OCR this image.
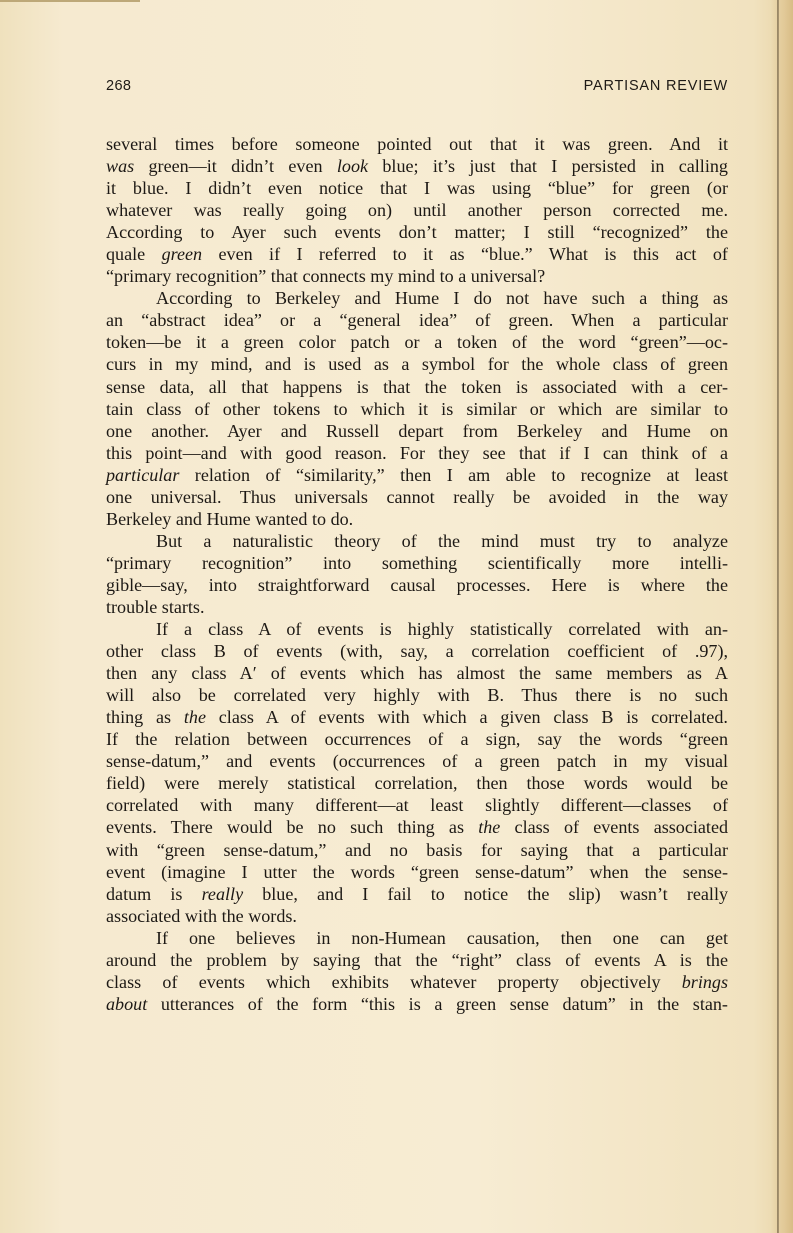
268	PARTISAN REVIEW
several times before someone pointed out that it was green. And it
was green—it didn’t even look blue; it’s just that I persisted in calling
it blue. I didn’t even notice that I was using “blue” for green (or
whatever was really going on) until another person corrected me.
According to Ayer such events don’t matter; I still “recognized” the
quale green even if I referred to it as “blue.” What is this act of
“primary recognition” that connects my mind to a universal?
According to Berkeley and Hume I do not have such a thing as
an “abstract idea” or a “general idea” of green. When a particular
token—be it a green color patch or a token of the word “green”—oc-
curs in my mind, and is used as a symbol for the whole class of green
sense data, all that happens is that the token is associated with a cer-
tain class of other tokens to which it is similar or which are similar to
one another. Ayer and Russell depart from Berkeley and Hume on
this point—and with good reason. For they see that if I can think of a
particular relation of “similarity,” then I am able to recognize at least
one universal. Thus universals cannot really be avoided in the way
Berkeley and Hume wanted to do.
But a naturalistic theory of the mind must try to analyze
“primary recognition” into something scientifically more intelli-
gible—say, into straightforward causal processes. Here is where the
trouble starts.
If a class A of events is highly statistically correlated with an-
other class B of events (with, say, a correlation coefficient of .97),
then any class A′ of events which has almost the same members as A
will also be correlated very highly with B. Thus there is no such
thing as the class A of events with which a given class B is correlated.
If the relation between occurrences of a sign, say the words “green
sense-datum,” and events (occurrences of a green patch in my visual
field) were merely statistical correlation, then those words would be
correlated with many different—at least slightly different—classes of
events. There would be no such thing as the class of events associated
with “green sense-datum,” and no basis for saying that a particular
event (imagine I utter the words “green sense-datum” when the sense-
datum is really blue, and I fail to notice the slip) wasn’t really
associated with the words.
If one believes in non-Humean causation, then one can get
around the problem by saying that the “right” class of events A is the
class of events which exhibits whatever property objectively brings
about utterances of the form “this is a green sense datum” in the stan-
